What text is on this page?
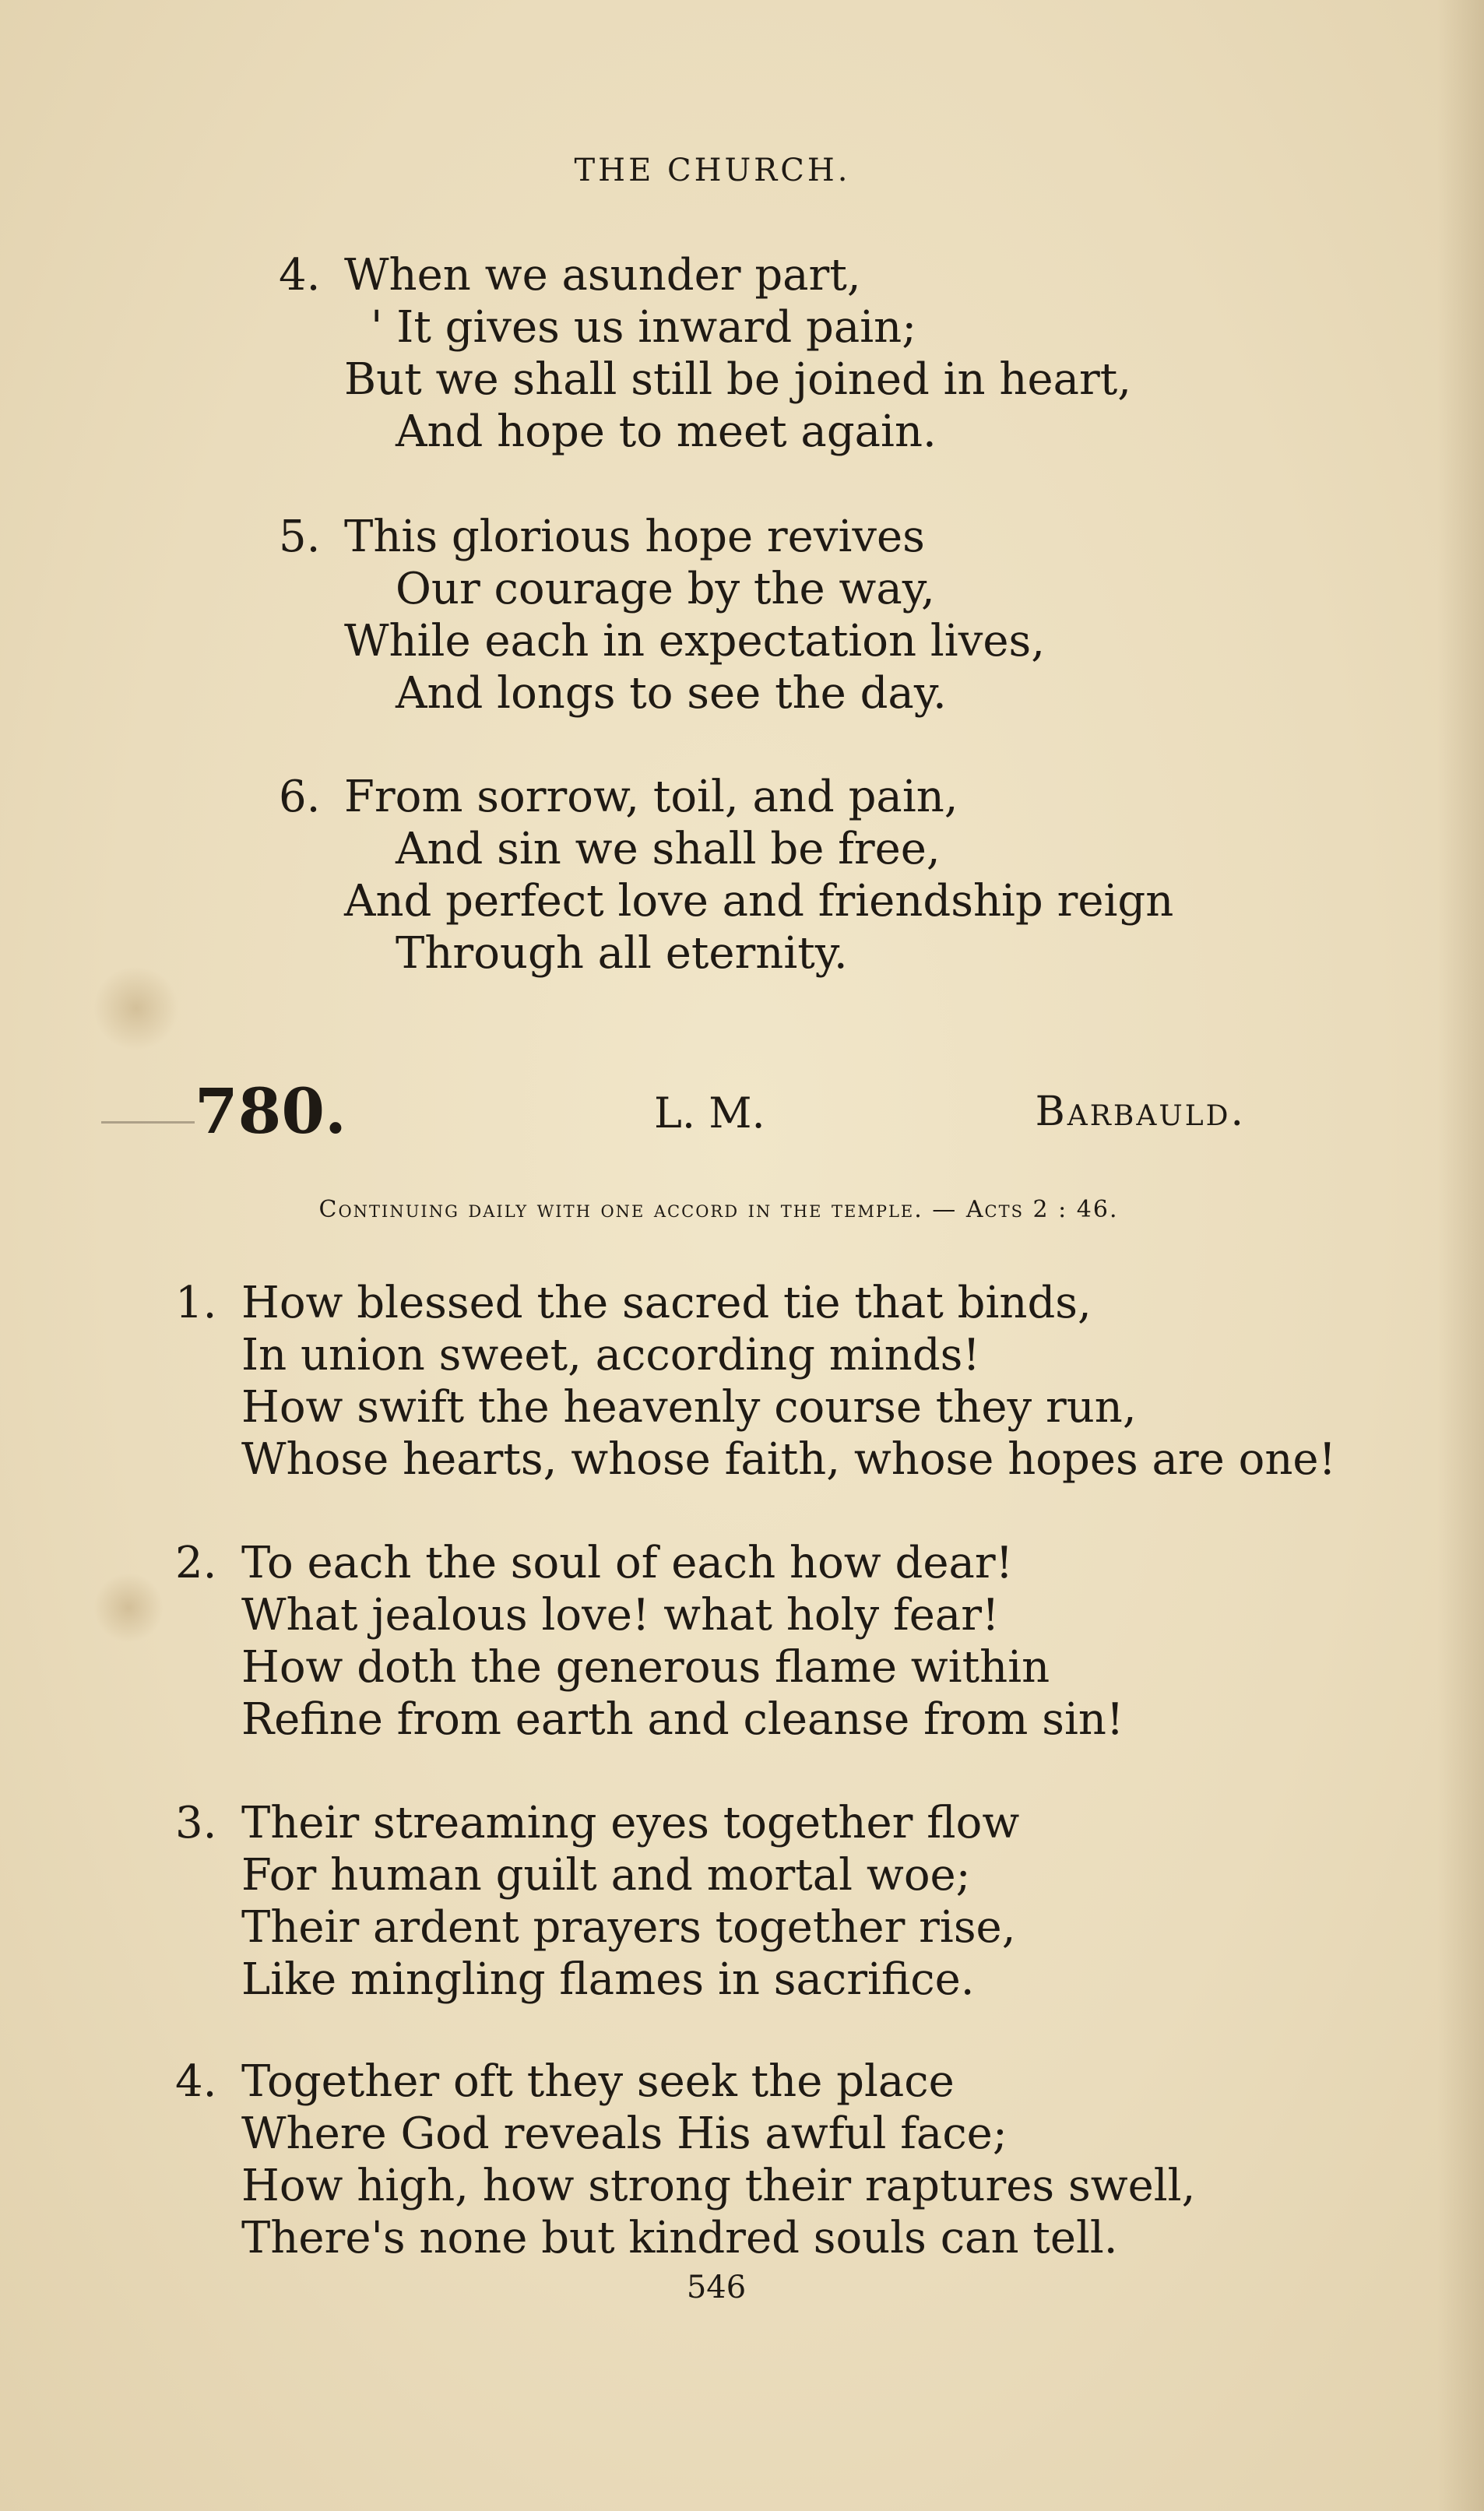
THE CHURCH.
4. When we asunder part,
' It gives us inward pain;
But we shall still be joined in heart,
And hope to meet again.
5. This glorious hope revives
Our courage by the way,
While each in expectation lives,
And longs to see the day.
6. From sorrow, toil, and pain,
And sin we shall be free,
And perfect love and friendship reign
Through all eternity.
780.	L. M.	Barbauld.
Continuing daily with one accord in the temple. — Acts 2 : 46.
1. How blessed the sacred tie that binds,
In union sweet, according minds!
How swift the heavenly course they run,
Whose hearts, whose faith, whose hopes are one!
2. To each the soul of each how dear!
What jealous love! what holy fear!
How doth the generous flame within
Refine from earth and cleanse from sin!
3. Their streaming eyes together flow
For human guilt and mortal woe;
Their ardent prayers together rise,
Like mingling flames in sacrifice.
4. Together oft they seek the place
Where God reveals His awful face;
How high, how strong their raptures swell,
There's none but kindred souls can tell.
546
